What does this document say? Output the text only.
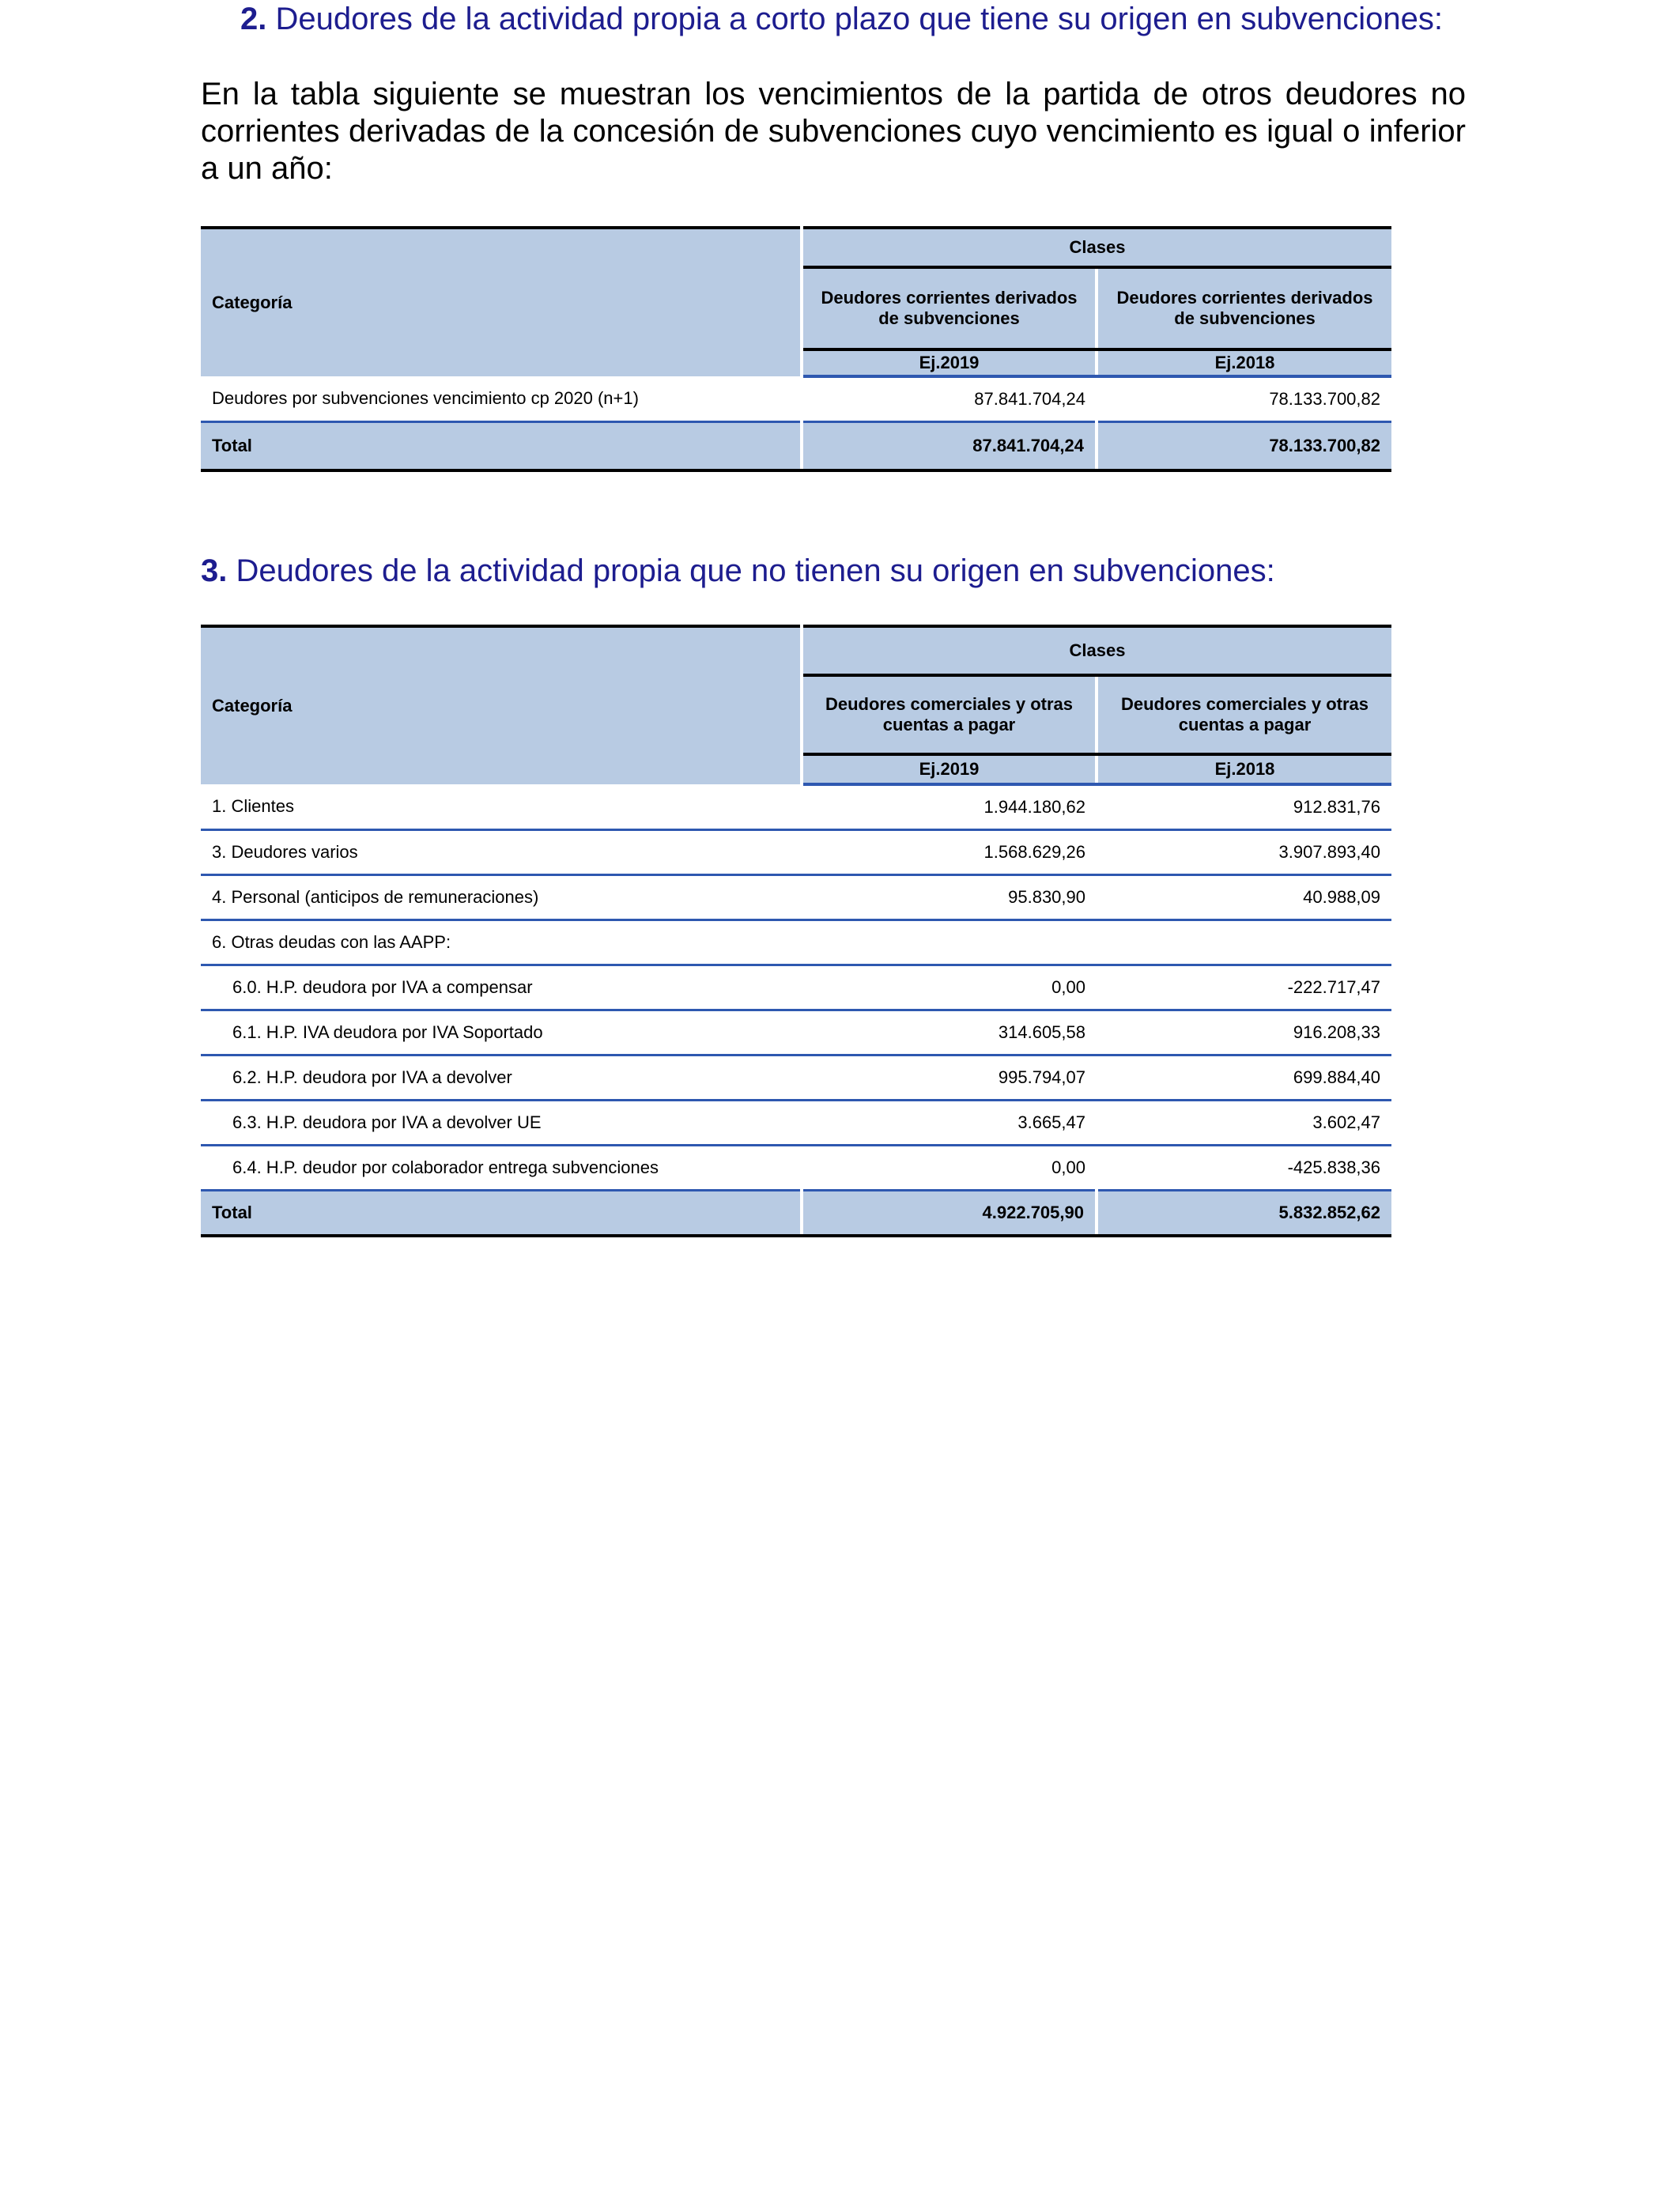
2. Deudores de la actividad propia a corto plazo que tiene su origen en subvenciones:

En la tabla siguiente se muestran los vencimientos de la partida de otros deudores no corrientes derivadas de la concesión de subvenciones cuyo vencimiento es igual o inferior a un año:

Categoría	Clases	
	Deudores corrientes derivados de subvenciones	Deudores corrientes derivados de subvenciones
	Ej.2019	Ej.2018
Deudores por subvenciones vencimiento cp 2020 (n+1)	87.841.704,24	78.133.700,82
Total	87.841.704,24	78.133.700,82
3. Deudores de la actividad propia que no tienen su origen en subvenciones:
Categoría	Clases	
	Deudores comerciales y otras cuentas a pagar	Deudores comerciales y otras cuentas a pagar
	Ej.2019	Ej.2018
1. Clientes	1.944.180,62	912.831,76
3. Deudores varios	1.568.629,26	3.907.893,40
4. Personal (anticipos de remuneraciones)	95.830,90	40.988,09
6. Otras deudas con las AAPP:		
6.0. H.P. deudora por IVA a compensar	0,00	-222.717,47
6.1. H.P. IVA deudora por IVA Soportado	314.605,58	916.208,33
6.2. H.P. deudora por IVA a devolver	995.794,07	699.884,40
6.3. H.P. deudora por IVA a devolver UE	3.665,47	3.602,47
6.4. H.P. deudor por colaborador entrega subvenciones	0,00	-425.838,36
Total	4.922.705,90	5.832.852,62
